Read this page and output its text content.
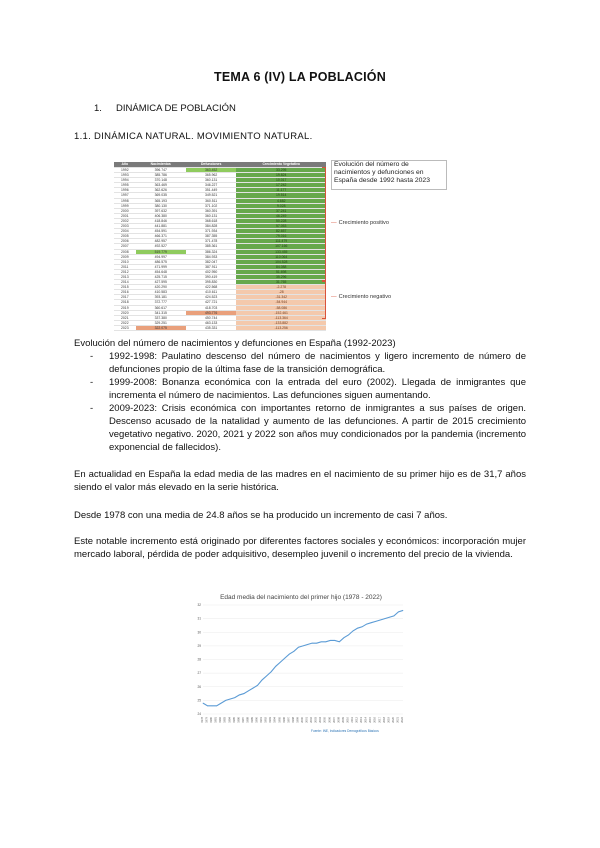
TEMA 6 (IV) LA POBLACIÓN
1. DINÁMICA DE POBLACIÓN
1.1. DINÁMICA NATURAL. MOVIMIENTO NATURAL.
Año	Nacimientos	Defunciones	Crecimiento Vegetativo
1992	396.747	363.452	33.295
1993	385.786	365.962	19.824
1994	370.148	360.131	10.017
1995	363.469	346.227	17.242
1996	362.626	351.449	11.177
1997	369.035	349.521	19.514
1998	365.193	360.511	4.682
1999	380.130	371.102	9.028
2000	397.632	360.391	37.241
2001	406.380	360.131	46.249
2002	418.846	368.618	50.228
2003	441.881	384.828	57.053
2004	454.591	371.934	82.657
2005	466.371	387.355	79.016
2006	482.957	371.478	111.479
2007	492.527	385.361	107.166
2008	519.779	386.324	133.455
2009	494.997	384.933	110.064
2010	486.575	382.047	104.528
2011	471.999	387.911	84.088
2012	454.648	402.950	51.698
2013	425.715	390.419	35.296
2014	427.595	395.830	31.765
2015	420.290	422.568	-2.278
2016	410.583	410.611	-28
2017	393.181	424.523	-31.342
2018	372.777	427.721	-54.944
2019	360.617	418.703	-58.086
2020	341.315	493.776	-152.461
2021	337.380	450.744	-113.364
2022	329.251	463.133	-133.882
2023	322.075	435.331	-113.256
Evolución del número de nacimientos y defunciones en España desde 1992 hasta 2023
— Crecimiento positivo
— Crecimiento negativo
Evolución del número de nacimientos y defunciones en España (1992-2023)
- 1992-1998: Paulatino descenso del número de nacimientos y ligero incremento de número de defunciones propio de la última fase de la transición demográfica.
- 1999-2008: Bonanza económica con la entrada del euro (2002). Llegada de inmigrantes que incrementa el número de nacimientos. Las defunciones siguen aumentando.
- 2009-2023: Crisis económica con importantes retorno de inmigrantes a sus países de origen. Descenso acusado de la natalidad y aumento de las defunciones. A partir de 2015 crecimiento vegetativo negativo. 2020, 2021 y 2022 son años muy condicionados por la pandemia (incremento exponencial de fallecidos).
En actualidad en España la edad media de las madres en el nacimiento de su primer hijo es de 31,7 años siendo el valor más elevado en la serie histórica.
Desde 1978 con una media de 24.8 años se ha producido un incremento de casi 7 años.
Este notable incremento está originado por diferentes factores sociales y económicos: incorporación mujer mercado laboral, pérdida de poder adquisitivo, desempleo juvenil o incremento del precio de la vivienda.
Edad media del nacimiento del primer hijo (1978 - 2022)
24
25
26
27
28
29
30
31
32
1978 1979 1980 1981 1982 1983 1984 1985 1986 1987 1988 1989 1990 1991 1992 1993 1994 1995 1996 1997 1998 1999 2000 2001 2002 2003 2004 2005 2006 2007 2008 2009 2010 2011 2012 2013 2014 2015 2016 2017 2018 2019 2020 2021 2022
Fuente: INE, Indicadores Demográficos Básicos
